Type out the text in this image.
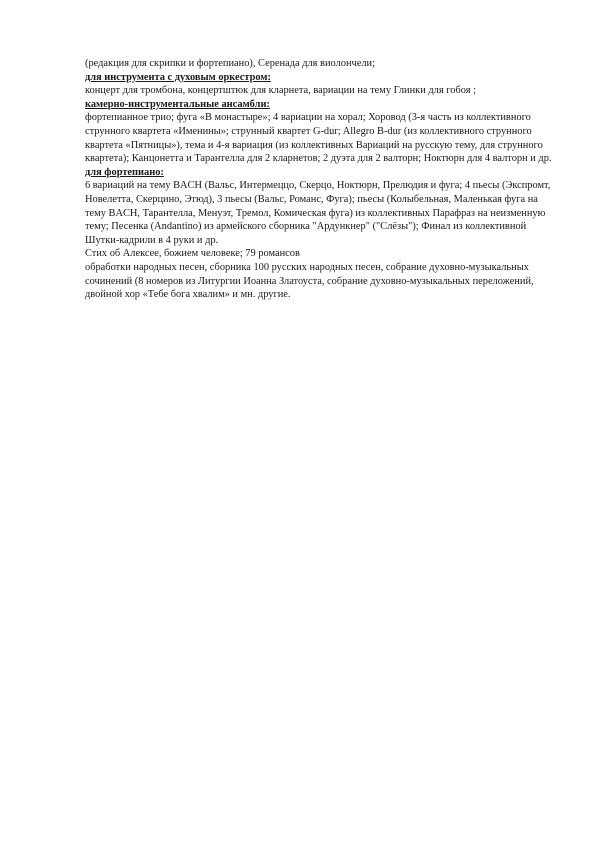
(редакция для скрипки и фортепиано), Серенада для виолончели;

для инструмента с духовым оркестром:

концерт для тромбона, концертштюк для кларнета, вариации на тему Глинки для гобоя ;

камерно-инструментальные ансамбли:

фортепианное трио; фуга «В монастыре»; 4 вариации на хорал; Хоровод (3-я часть из коллективного струнного квартета «Именины»; струнный квартет G-dur; Allegro B-dur (из коллективного струнного квартета «Пятницы»), тема и 4-я вариация (из коллективных Вариаций на русскую тему, для струнного квартета); Канцонетта и Тарантелла для 2 кларнетов; 2 дуэта для 2 валторн; Ноктюрн для 4 валторн и др.

для фортепиано:

6 вариаций на тему BACH (Вальс, Интермеццо, Скерцо, Ноктюрн, Прелюдия и фуга; 4 пьесы (Экспромт, Новелетта, Скерцино, Этюд), 3 пьесы (Вальс, Романс, Фуга); пьесы (Колыбельная, Маленькая фуга на тему BACH, Тарантелла, Менуэт, Тремол, Комическая фуга) из коллективных Парафраз на неизменную тему; Песенка (Andantino) из армейского сборника "Ардункнер" ("Слёзы"); Финал из коллективной Шутки-кадрили в 4 руки и др.

Стих об Алексее, божием человеке; 79 романсов

обработки народных песен, сборника 100 русских народных песен, собрание духовно-музыкальных сочинений (8 номеров из Литургии Иоанна Златоуста, собрание духовно-музыкальных переложений, двойной хор «Тебе бога хвалим» и мн. другие.
